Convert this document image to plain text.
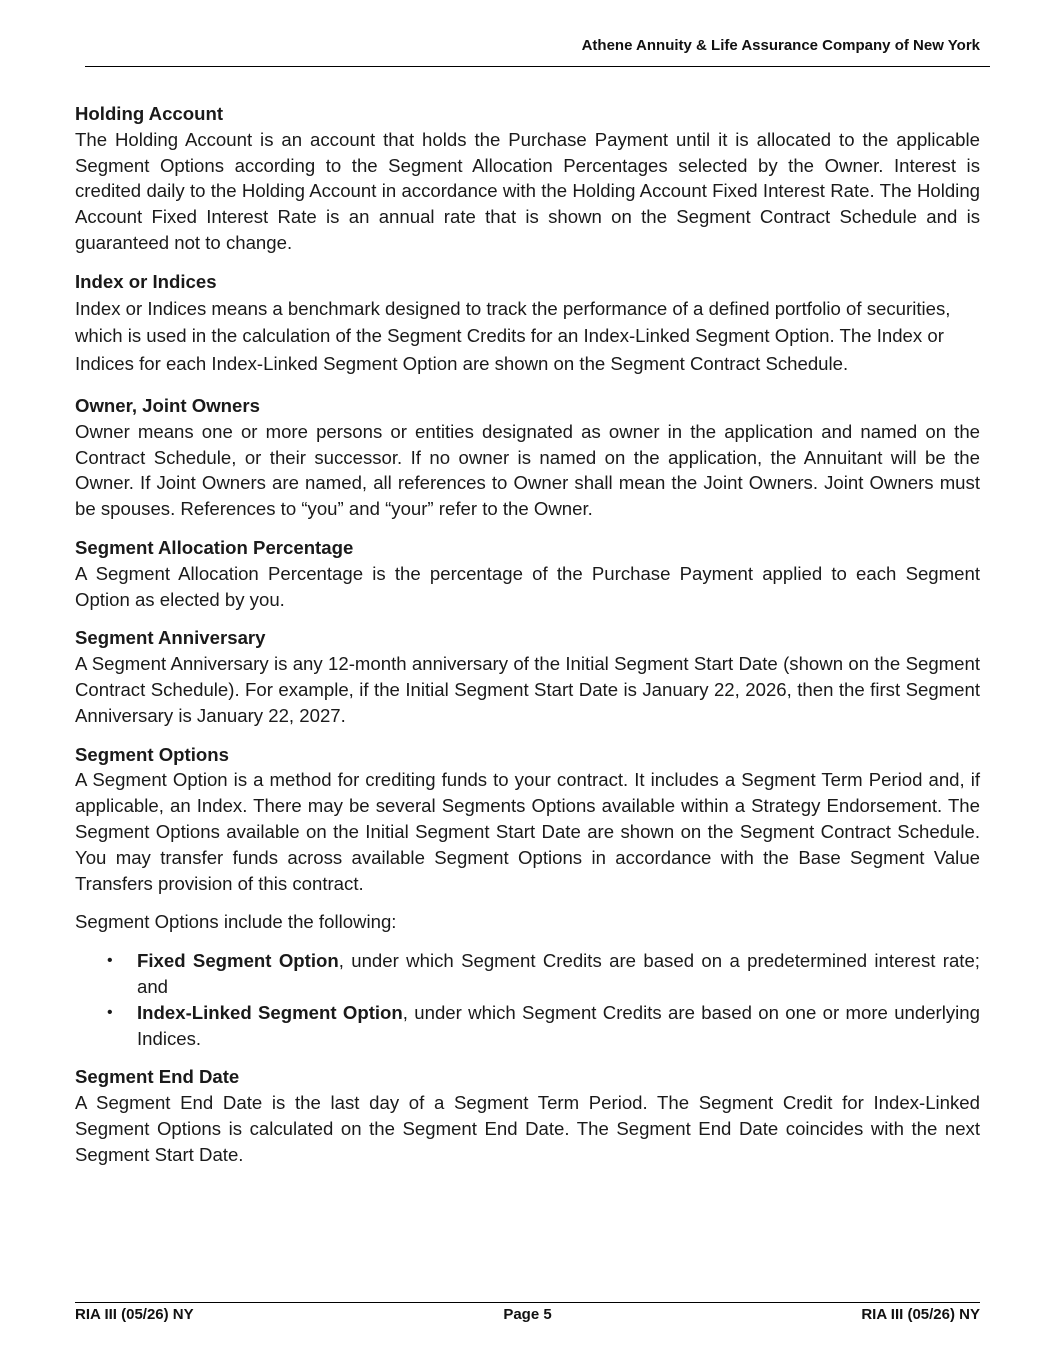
Athene Annuity & Life Assurance Company of New York

Holding Account

The Holding Account is an account that holds the Purchase Payment until it is allocated to the applicable Segment Options according to the Segment Allocation Percentages selected by the Owner. Interest is credited daily to the Holding Account in accordance with the Holding Account Fixed Interest Rate. The Holding Account Fixed Interest Rate is an annual rate that is shown on the Segment Contract Schedule and is guaranteed not to change.

Index or Indices

Index or Indices means a benchmark designed to track the performance of a defined portfolio of securities, which is used in the calculation of the Segment Credits for an Index-Linked Segment Option. The Index or Indices for each Index-Linked Segment Option are shown on the Segment Contract Schedule.

Owner, Joint Owners

Owner means one or more persons or entities designated as owner in the application and named on the Contract Schedule, or their successor. If no owner is named on the application, the Annuitant will be the Owner. If Joint Owners are named, all references to Owner shall mean the Joint Owners. Joint Owners must be spouses. References to “you” and “your” refer to the Owner.

Segment Allocation Percentage

A Segment Allocation Percentage is the percentage of the Purchase Payment applied to each Segment Option as elected by you.

Segment Anniversary

A Segment Anniversary is any 12-month anniversary of the Initial Segment Start Date (shown on the Segment Contract Schedule). For example, if the Initial Segment Start Date is January 22, 2026, then the first Segment Anniversary is January 22, 2027.

Segment Options

A Segment Option is a method for crediting funds to your contract. It includes a Segment Term Period and, if applicable, an Index. There may be several Segments Options available within a Strategy Endorsement. The Segment Options available on the Initial Segment Start Date are shown on the Segment Contract Schedule. You may transfer funds across available Segment Options in accordance with the Base Segment Value Transfers provision of this contract.

Segment Options include the following:

• Fixed Segment Option, under which Segment Credits are based on a predetermined interest rate; and
• Index-Linked Segment Option, under which Segment Credits are based on one or more underlying Indices.

Segment End Date

A Segment End Date is the last day of a Segment Term Period. The Segment Credit for Index-Linked Segment Options is calculated on the Segment End Date. The Segment End Date coincides with the next Segment Start Date.

RIA III (05/26) NY	Page 5	RIA III (05/26) NY
